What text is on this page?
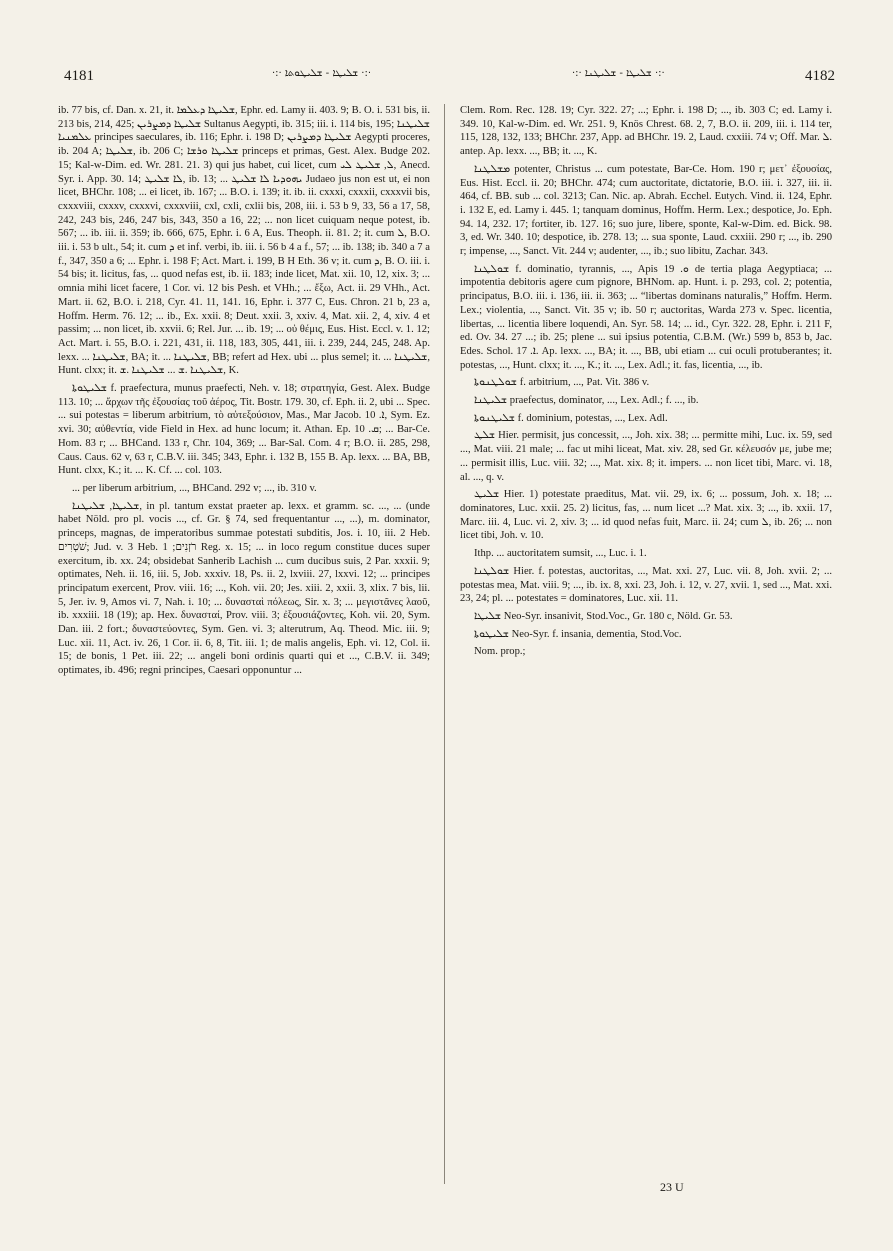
4181	·:· ܫܠܝܛܐ - ܫܠܝܛܘܬܐ ·:·	·:· ܫܠܝܛܐ - ܫܠܝܛܢܐ ·:·	4182

ib. 77 bis, cf. Dan. x. 21, it. ܫܠܝܛܐ ܕܥܠܡܐ, Ephr. ed. Lamy ii. 403. 9; B. O. i. 531 bis, ii. 213 bis, 214, 425; ܫܠܝܛܐ ܕܡܨܪܝܢ Sultanus Aegypti, ib. 315; iii. i. 114 bis, 195; ܫܠܝܛܢܐ ܥܠܡܢܝܐ principes saeculares, ib. 116; Ephr. i. 198 D; ܫܠܝܛܐ ܕܡܨܪܝܢ Aegypti proceres, ib. 204 A; ܫܠܝܛܐ, ib. 206 C; ܫܠܝܛܐ ܘܪܫܐ princeps et primas, Gest. Alex. Budge 202. 15; Kal-w-Dim. ed. Wr. 281. 21. 3) qui jus habet, cui licet, cum ܠ, ܫܠܝܛ ܠܝ, Anecd. Syr. i. App. 30. 14; ܠܐ ܫܠܝܛ, ib. 13; ... ܝܗܘܕܝܐ ܠܐ ܫܠܝܛ Judaeo jus non est ut, ei non licet, BHChr. 108; ... ei licet, ib. 167; ... B.O. i. 139; it. ib. ii. cxxxi, cxxxii, cxxxvii bis, cxxxviii, cxxxv, cxxxvi, cxxxviii, cxl, cxli, cxlii bis, 208, iii. i. 53 b 9, 33, 56 a 17, 58, 242, 243 bis, 246, 247 bis, 343, 350 a 16, 22; ... non licet cuiquam neque potest, ib. 567; ... ib. iii. ii. 359; ib. 666, 675, Ephr. i. 6 A, Eus. Theoph. ii. 81. 2; it. cum ܠ, B.O. iii. i. 53 b ult., 54; it. cum ܕ et inf. verbi, ib. iii. i. 56 b 4 a f., 57; ... ib. 138; ib. 340 a 7 a f., 347, 350 a 6; ... Ephr. i. 198 F; Act. Mart. i. 199, B H Eth. 36 v; it. cum ܕ, B. O. iii. i. 54 bis; it. licitus, fas, ... quod nefas est, ib. ii. 183; inde licet, Mat. xii. 10, 12, xix. 3; ... omnia mihi licet facere, 1 Cor. vi. 12 bis Pesh. et VHh.; ... ἔξω, Act. ii. 29 VHh., Act. Mart. ii. 62, B.O. i. 218, Cyr. 41. 11, 141. 16, Ephr. i. 377 C, Eus. Chron. 21 b, 23 a, Hoffm. Herm. 76. 12; ... ib., Ex. xxii. 8; Deut. xxii. 3, xxiv. 4, Mat. xii. 2, 4, xiv. 4 et passim; ... non licet, ib. xxvii. 6; Rel. Jur. ... ib. 19; ... οὐ θέμις, Eus. Hist. Eccl. v. 1. 12; Act. Mart. i. 55, B.O. i. 221, 431, ii. 118, 183, 305, 441, iii. i. 239, 244, 245, 248. Ap. lexx. ... ܫܠܝܛܢܐ, BA; it. ... ܫܠܝܛܢܐ, BB; refert ad Hex. ubi ... plus semel; it. ... ܫܠܝܛܢܐ, Hunt. clxx; it. ܫܠܝܛܢܐ .ܫ ... ܫܠܝܛܢܐ .ܫ, K.

ܫܠܝܛܘܬܐ f. praefectura, munus praefecti, Neh. v. 18; στρατηγία, Gest. Alex. Budge 113. 10; ... ἄρχων τῆς ἐξουσίας τοῦ ἀέρος, Tit. Bostr. 179. 30, cf. Eph. ii. 2, ubi ... Spec. ... sui potestas = liberum arbitrium, τὸ αὐτεξούσιον, Mas., Mar Jacob. ܐ. 10, Sym. Ez. xvi. 30; αὐθεντία, vide Field in Hex. ad hunc locum; it. Athan. Ep. ܩ. 10; ... Bar-Ce. Hom. 83 r; ... BHCand. 133 r, Chr. 104, 369; ... Bar-Sal. Com. 4 r; B.O. ii. 285, 298, Caus. Caus. 62 v, 63 r, C.B.V. iii. 345; 343, Ephr. i. 132 B, 155 B. Ap. lexx. ... BA, BB, Hunt. clxx, K.; it. ... K. Cf. ... col. 103.

... per liberum arbitrium, ..., BHCand. 292 v; ..., ib. 310 v.

ܫܠܝܛܐ, ܫܠܝܛܢܐ, in pl. tantum exstat praeter ap. lexx. et gramm. sc. ..., ... (unde habet Nöld. pro pl. vocis ..., cf. Gr. § 74, sed frequentantur ..., ...), m. dominator, princeps, magnas, de imperatoribus summae potestati subditis, Jos. i. 10, iii. 2 Heb. שֹׁטְרִים; Jud. v. 3 Heb. רֹזְנִים; 1 Reg. x. 15; ... in loco regum constitue duces super exercitum, ib. xx. 24; obsidebat Sanherib Lachish ... cum ducibus suis, 2 Par. xxxii. 9; optimates, Neh. ii. 16, iii. 5, Job. xxxiv. 18, Ps. ii. 2, lxviii. 27, lxxvi. 12; ... principes principatum exercent, Prov. viii. 16; ..., Koh. vii. 20; Jes. xiii. 2, xxii. 3, xlix. 7 bis, lii. 5, Jer. iv. 9, Amos vi. 7, Nah. i. 10; ... δυνασταὶ πόλεως, Sir. x. 3; ... μεγιστᾶνες λαοῦ, ib. xxxiii. 18 (19); ap. Hex. δυνασταί, Prov. viii. 3; ἐξουσιάζοντες, Koh. vii. 20, Sym. Dan. iii. 2 fort.; δυναστεύοντες, Sym. Gen. vi. 3; alterutrum, Aq. Theod. Mic. iii. 9; Luc. xii. 11, Act. iv. 26, 1 Cor. ii. 6, 8, Tit. iii. 1; de malis angelis, Eph. vi. 12, Col. ii. 15; de bonis, 1 Pet. iii. 22; ... angeli boni ordinis quarti qui et ..., C.B.V. ii. 349; optimates, ib. 496; regni principes, Caesari opponuntur ...

Clem. Rom. Rec. 128. 19; Cyr. 322. 27; ...; Ephr. i. 198 D; ..., ib. 303 C; ed. Lamy i. 349. 10, Kal-w-Dim. ed. Wr. 251. 9, Knös Chrest. 68. 2, 7, B.O. ii. 209, iii. i. 114 ter, 115, 128, 132, 133; BHChr. 237, App. ad BHChr. 19. 2, Laud. cxxiii. 74 v; Off. Mar. ܠ. antep. Ap. lexx. ..., BB; it. ..., K.

ܡܫܠܛܢܐ potenter, Christus ... cum potestate, Bar-Ce. Hom. 190 r; μετ᾽ ἐξουσίας, Eus. Hist. Eccl. ii. 20; BHChr. 474; cum auctoritate, dictatorie, B.O. iii. i. 327, iii. ii. 464, cf. BB. sub ... col. 3213; Can. Nic. ap. Abrah. Ecchel. Eutych. Vind. ii. 124, Ephr. i. 132 E, ed. Lamy i. 445. 1; tanquam dominus, Hoffm. Herm. Lex.; despotice, Jo. Eph. 94. 14, 232. 17; fortiter, ib. 127. 16; suo jure, libere, sponte, Kal-w-Dim. ed. Bick. 98. 3, ed. Wr. 340. 10; despotice, ib. 278. 13; ... sua sponte, Laud. cxxiii. 290 r; ..., ib. 290 r; impense, ..., Sanct. Vit. 244 v; audenter, ..., ib.; suo libitu, Zachar. 343.

ܫܘܠܛܢܐ f. dominatio, tyrannis, ..., Apis ܘ. 19 de tertia plaga Aegyptiaca; ... impotentia debitoris agere cum pignore, BHNom. ap. Hunt. i. p. 293, col. 2; potentia, principatus, B.O. iii. i. 136, iii. ii. 363; ... “libertas dominans naturalis,” Hoffm. Herm. Lex.; violentia, ..., Sanct. Vit. 35 v; ib. 50 r; auctoritas, Warda 273 v. Spec. licentia, libertas, ... licentia libere loquendi, An. Syr. 58. 14; ... id., Cyr. 322. 28, Ephr. i. 211 F, ed. Ov. 34. 27 ...; ib. 25; plene ... sui ipsius potentia, C.B.M. (Wr.) 599 b, 853 b, Jac. Edes. Schol. ܐ. 17. Ap. lexx. ..., BA; it. ..., BB, ubi etiam ... cui oculi protuberantes; it. potestas, ..., Hunt. clxx; it. ..., K.; it. ..., Lex. Adl.; it. fas, licentia, ..., ib.

ܫܘܠܛܢܘܬܐ f. arbitrium, ..., Pat. Vit. 386 v.

ܫܠܝܛܢܐ praefectus, dominator, ..., Lex. Adl.; f. ..., ib.

ܫܠܝܛܢܘܬܐ f. dominium, potestas, ..., Lex. Adl.

ܫܠܛ Hier. permisit, jus concessit, ..., Joh. xix. 38; ... permitte mihi, Luc. ix. 59, sed ..., Mat. viii. 21 male; ... fac ut mihi liceat, Mat. xiv. 28, sed Gr. κέλευσόν με, jube me; ... permisit illis, Luc. viii. 32; ..., Mat. xix. 8; it. impers. ... non licet tibi, Marc. vi. 18, al. ..., q. v.

ܫܠܝܛ Hier. 1) potestate praeditus, Mat. vii. 29, ix. 6; ... possum, Joh. x. 18; ... dominatores, Luc. xxii. 25. 2) licitus, fas, ... num licet ...? Mat. xix. 3; ..., ib. xxii. 17, Marc. iii. 4, Luc. vi. 2, xiv. 3; ... id quod nefas fuit, Marc. ii. 24; cum ܠ, ib. 26; ... non licet tibi, Joh. v. 10.

Ithp. ... auctoritatem sumsit, ..., Luc. i. 1.

ܫܘܠܛܢܐ Hier. f. potestas, auctoritas, ..., Mat. xxi. 27, Luc. vii. 8, Joh. xvii. 2; ... potestas mea, Mat. viii. 9; ..., ib. ix. 8, xxi. 23, Joh. i. 12, v. 27, xvii. 1, sed ..., Mat. xxi. 23, 24; pl. ... potestates = dominatores, Luc. xii. 11.

ܫܠܝܛܐ Neo-Syr. insanivit, Stod.Voc., Gr. 180 c, Nöld. Gr. 53.

ܫܠܝܛܘܬܐ Neo-Syr. f. insania, dementia, Stod.Voc.

Nom. prop.;

23 U
